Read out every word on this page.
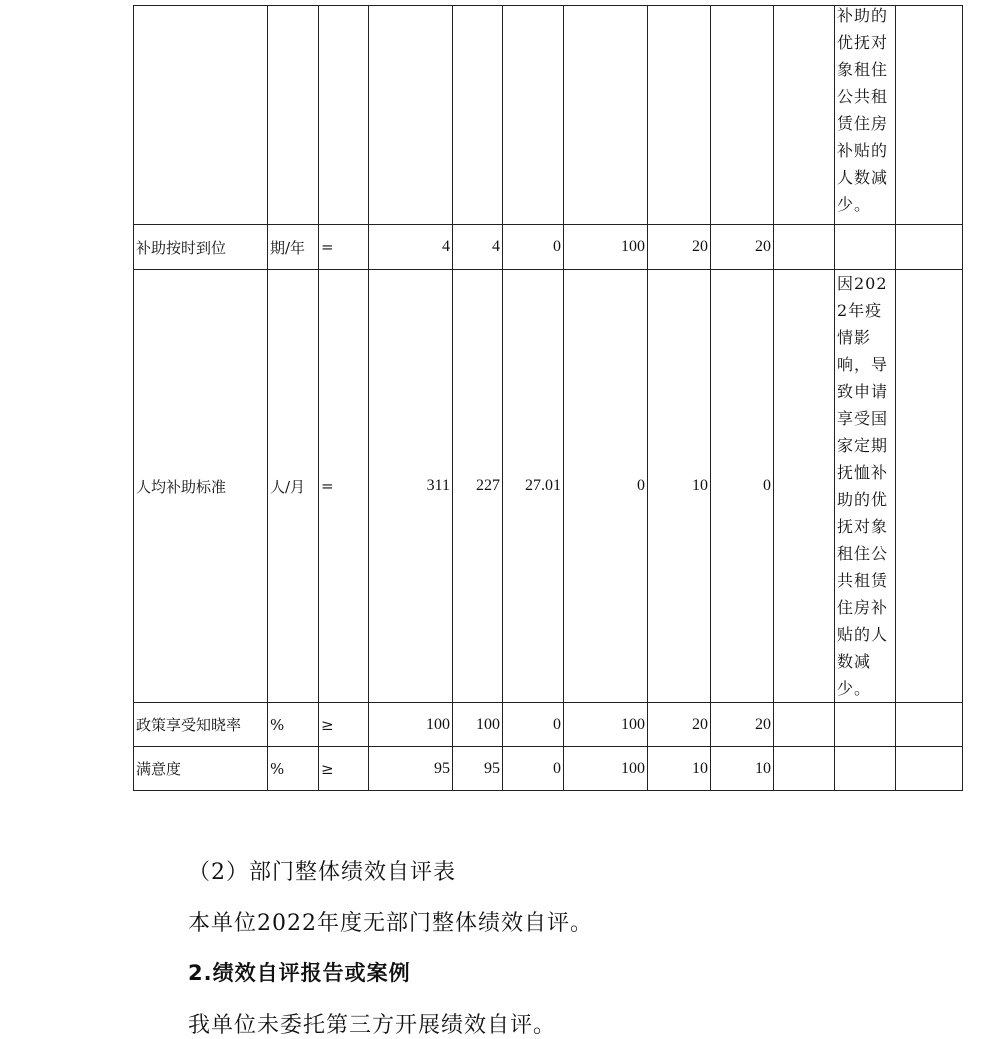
										补助的优抚对象租住公共租赁住房补贴的人数减少。	

补助按时到位	期/年	=	4	4	0	100	20	20		

人均补助标准	人/月	=	311	227	27.01	0	10	0		因2022年疫情影响，导致申请享受国家定期抚恤补助的优抚对象租住公共租赁住房补贴的人数减少。	

政策享受知晓率	%	≥	100	100	0	100	20	20		

满意度	%	≥	95	95	0	100	10	10		

（2）部门整体绩效自评表
本单位2022年度无部门整体绩效自评。
2.绩效自评报告或案例
我单位未委托第三方开展绩效自评。
